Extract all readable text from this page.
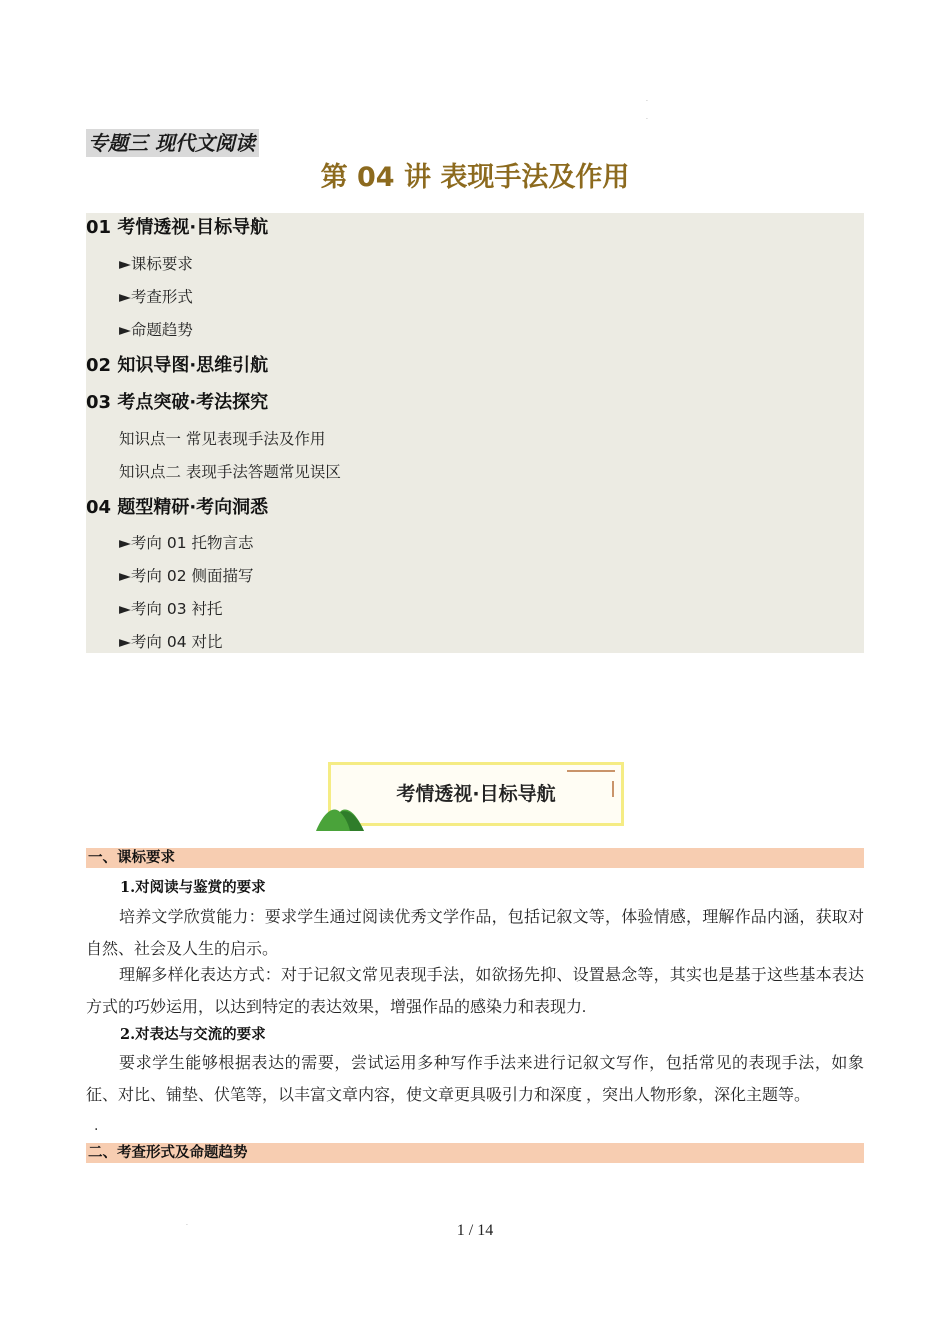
·
·
·
专题三 现代文阅读
第 04 讲 表现手法及作用
01 考情透视·目标导航
►课标要求
►考查形式
►命题趋势
02 知识导图·思维引航
03 考点突破·考法探究
知识点一 常见表现手法及作用
知识点二 表现手法答题常见误区
04 题型精研·考向洞悉
►考向 01 托物言志
►考向 02 侧面描写
►考向 03 衬托
►考向 04 对比
考情透视·目标导航
一、课标要求
1.对阅读与鉴赏的要求
培养文学欣赏能力：要求学生通过阅读优秀文学作品，包括记叙文等，体验情感，理解作品内涵，获取对自然、社会及人生的启示。
理解多样化表达方式：对于记叙文常见表现手法，如欲扬先抑、设置悬念等，其实也是基于这些基本表达方式的巧妙运用，以达到特定的表达效果，增强作品的感染力和表现力.
2.对表达与交流的要求
要求学生能够根据表达的需要，尝试运用多种写作手法来进行记叙文写作，包括常见的表现手法，如象征、对比、铺垫、伏笔等，以丰富文章内容，使文章更具吸引力和深度 ，突出人物形象，深化主题等。
.
二、考查形式及命题趋势
1 / 14
